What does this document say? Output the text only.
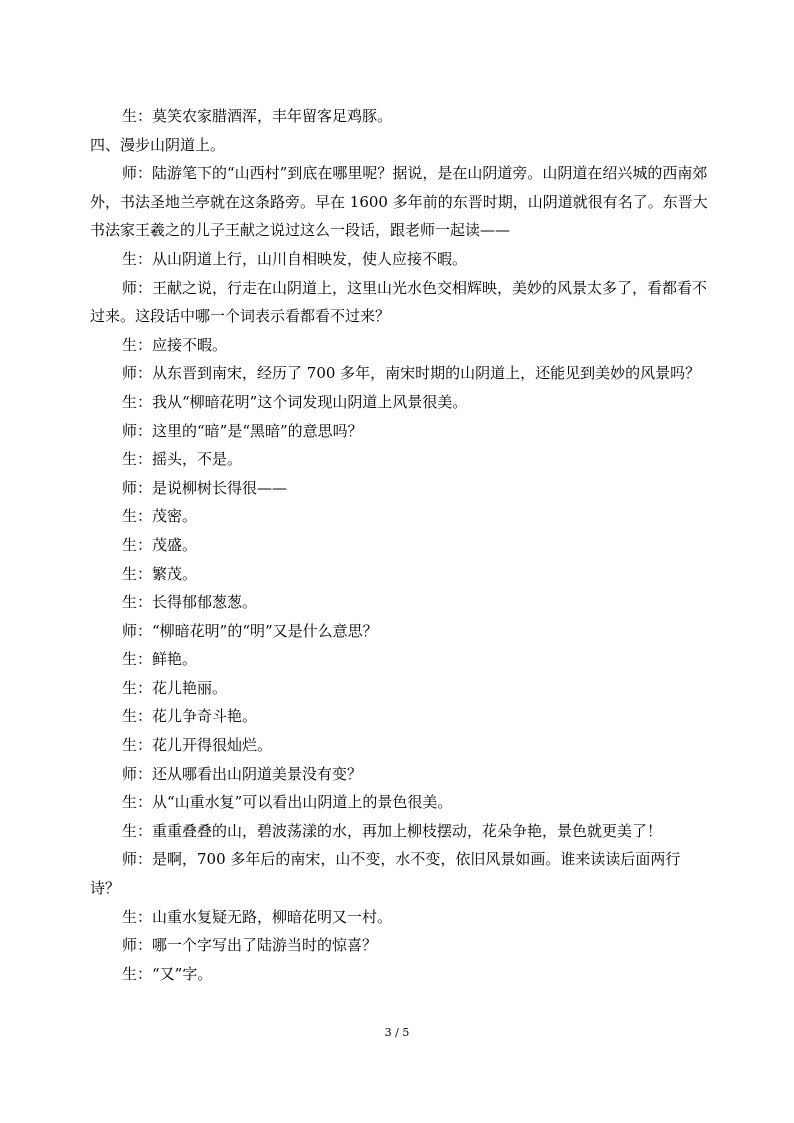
生：莫笑农家腊酒浑，丰年留客足鸡豚。

四、漫步山阴道上。

师：陆游笔下的“山西村”到底在哪里呢？据说，是在山阴道旁。山阴道在绍兴城的西南郊外，书法圣地兰亭就在这条路旁。早在 1600 多年前的东晋时期，山阴道就很有名了。东晋大书法家王羲之的儿子王献之说过这么一段话，跟老师一起读——

生：从山阴道上行，山川自相映发，使人应接不暇。

师：王献之说，行走在山阴道上，这里山光水色交相辉映，美妙的风景太多了，看都看不过来。这段话中哪一个词表示看都看不过来？

生：应接不暇。

师：从东晋到南宋，经历了 700 多年，南宋时期的山阴道上，还能见到美妙的风景吗？

生：我从“柳暗花明”这个词发现山阴道上风景很美。

师：这里的“暗”是“黑暗”的意思吗？

生：摇头，不是。

师：是说柳树长得很——

生：茂密。

生：茂盛。

生：繁茂。

生：长得郁郁葱葱。

师：“柳暗花明”的“明”又是什么意思？

生：鲜艳。

生：花儿艳丽。

生：花儿争奇斗艳。

生：花儿开得很灿烂。

师：还从哪看出山阴道美景没有变？

生：从“山重水复”可以看出山阴道上的景色很美。

生：重重叠叠的山，碧波荡漾的水，再加上柳枝摆动，花朵争艳，景色就更美了！

师：是啊，700 多年后的南宋，山不变，水不变，依旧风景如画。谁来读读后面两行诗？

生：山重水复疑无路，柳暗花明又一村。

师：哪一个字写出了陆游当时的惊喜？

生：“又”字。

3 / 5
